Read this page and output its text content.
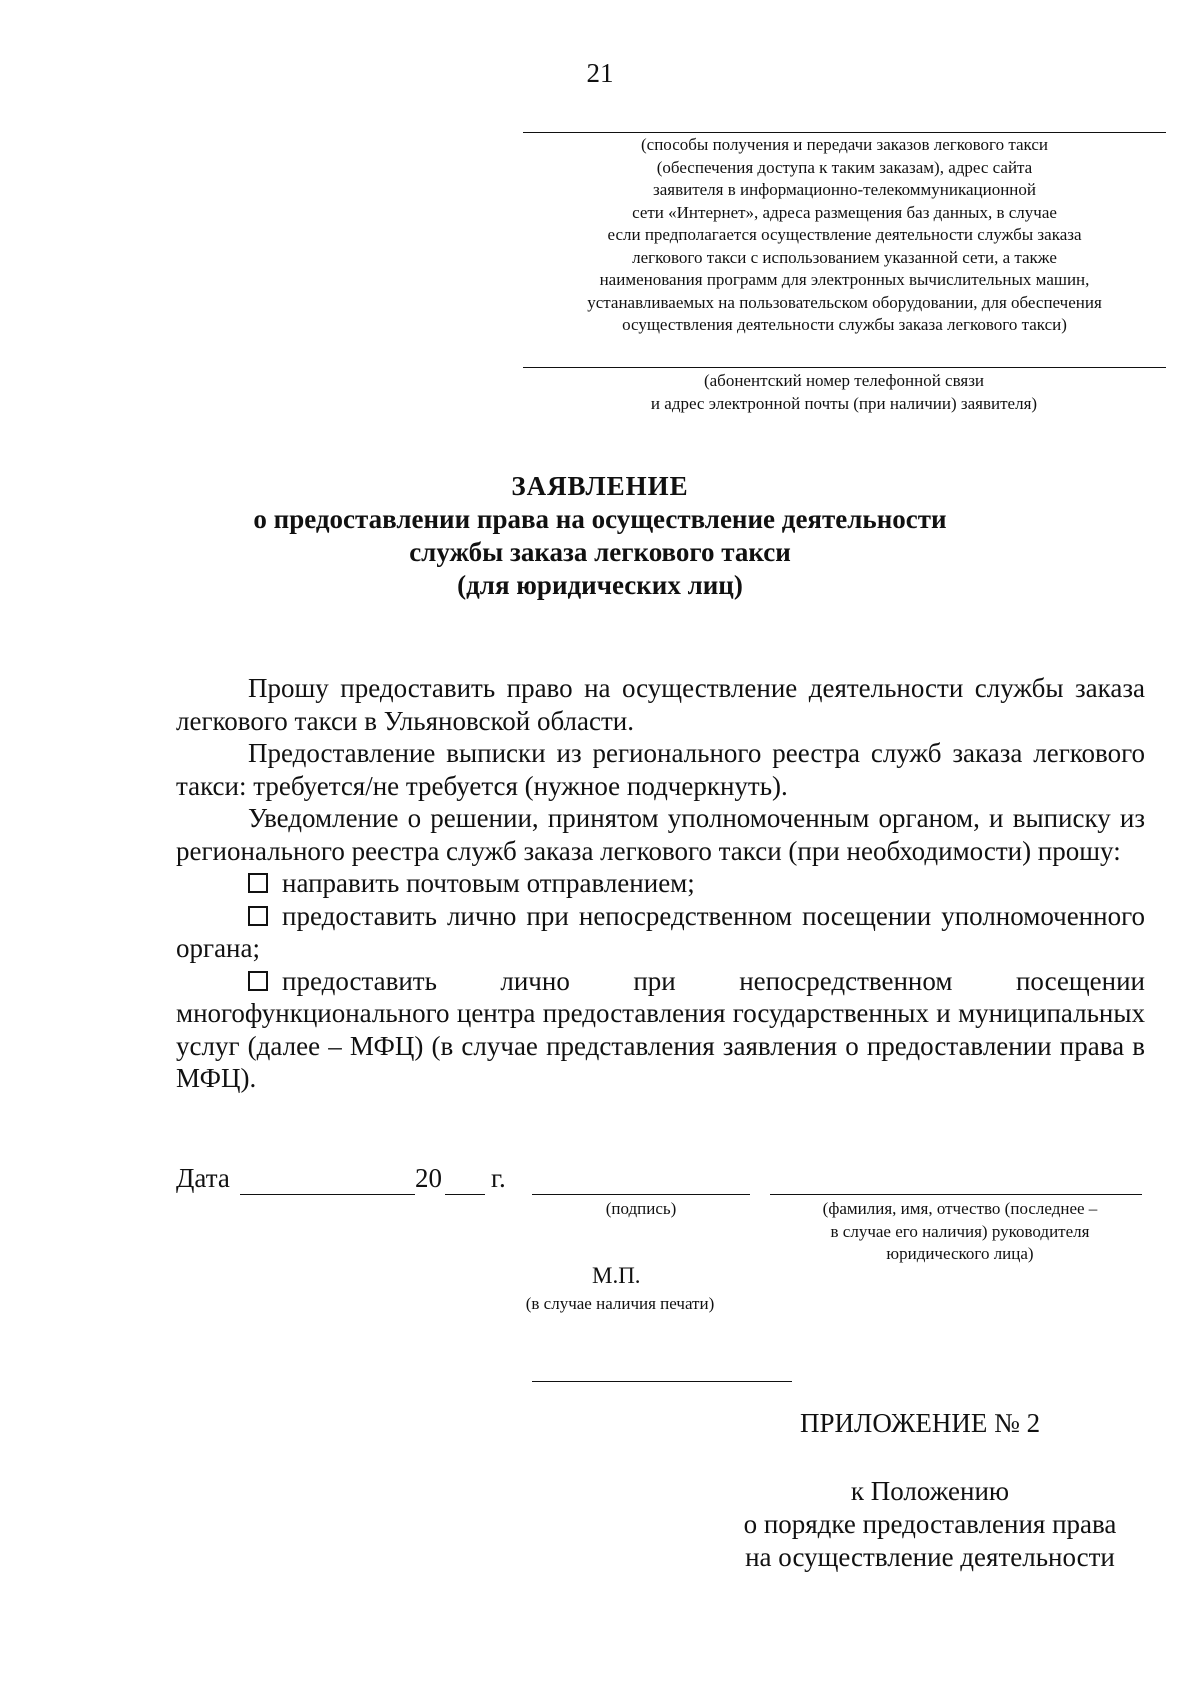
21
(способы получения и передачи заказов легкового такси
(обеспечения доступа к таким заказам), адрес сайта
заявителя в информационно-телекоммуникационной
сети «Интернет», адреса размещения баз данных, в случае
если предполагается осуществление деятельности службы заказа
легкового такси с использованием указанной сети, а также
наименования программ для электронных вычислительных машин,
устанавливаемых на пользовательском оборудовании, для обеспечения
осуществления деятельности службы заказа легкового такси)
(абонентский номер телефонной связи
и адрес электронной почты (при наличии) заявителя)
ЗАЯВЛЕНИЕ
о предоставлении права на осуществление деятельности
службы заказа легкового такси
(для юридических лиц)

Прошу предоставить право на осуществление деятельности службы заказа легкового такси в Ульяновской области.

Предоставление выписки из регионального реестра служб заказа легкового такси: требуется/не требуется (нужное подчеркнуть).

Уведомление о решении, принятом уполномоченным органом, и выписку из регионального реестра служб заказа легкового такси (при необходимости) прошу:

направить почтовым отправлением;

предоставить лично при непосредственном посещении уполномоченного органа;

предоставить лично при непосредственном посещении многофункционального центра предоставления государственных и муниципальных услуг (далее – МФЦ) (в случае представления заявления о предоставлении права в МФЦ).

Дата	20 г.
(подпись)	(фамилия, имя, отчество (последнее –
в случае его наличия) руководителя
юридического лица)
М.П.
(в случае наличия печати)
ПРИЛОЖЕНИЕ № 2
к Положению
о порядке предоставления права
на осуществление деятельности
